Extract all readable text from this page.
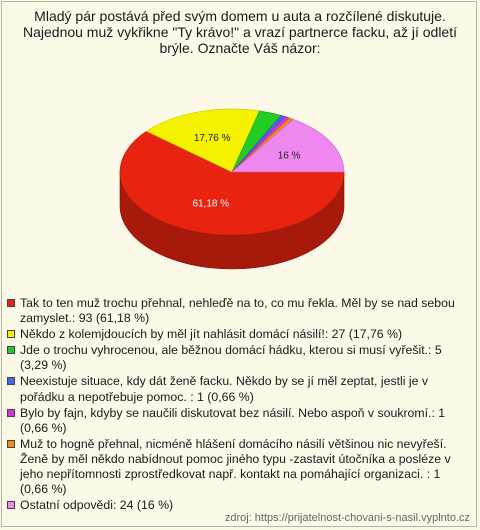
Mladý pár postává před svým domem u auta a rozčílené diskutuje.
Najednou muž vykřikne "Ty krávo!" a vrazí partnerce facku, až jí odletí
brýle. Označte Váš názor:
61,18 %
17,76 %
16 %
Tak to ten muž trochu přehnal, nehleďě na to, co mu řekla. Měl by se nad sebou zamyslet.: 93 (61,18 %)
Někdo z kolemjdoucích by měl jít nahlásit domácí násilí!: 27 (17,76 %)
Jde o trochu vyhrocenou, ale běžnou domácí hádku, kterou si musí vyřešit.: 5 (3,29 %)
Neexistuje situace, kdy dát ženě facku. Někdo by se jí měl zeptat, jestli je v pořádku a nepotřebuje pomoc. : 1 (0,66 %)
Bylo by fajn, kdyby se naučili diskutovat bez násilí. Nebo aspoň v soukromí.: 1 (0,66 %)
Muž to hogně přehnal, nicméně hlášení domácího násilí většinou nic nevyřeší. Ženě by měl někdo nabídnout pomoc jiného typu -zastavit útočníka a posléze v jeho nepřítomnosti zprostředkovat např. kontakt na pomáhající organizaci. : 1 (0,66 %)
Ostatní odpovědi: 24 (16 %)
zdroj: https://prijatelnost-chovani-s-nasil.vyplnto.cz
